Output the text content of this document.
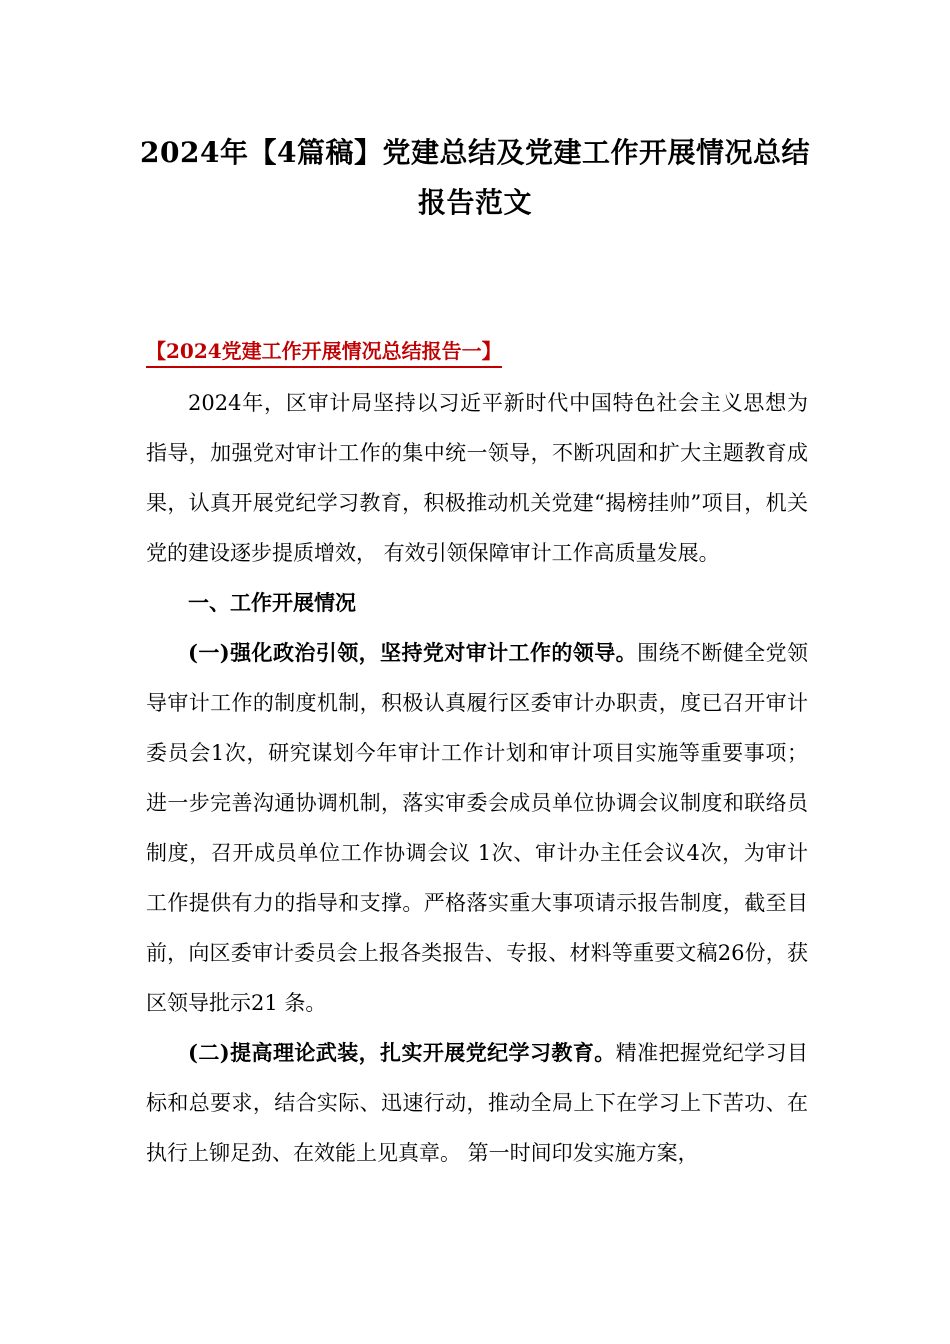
2024年【4篇稿】党建总结及党建工作开展情况总结
报告范文
【2024党建工作开展情况总结报告一】

2024年，区审计局坚持以习近平新时代中国特色社会主义思想为指导，加强党对审计工作的集中统一领导，不断巩固和扩大主题教育成果，认真开展党纪学习教育，积极推动机关党建“揭榜挂帅”项目，机关党的建设逐步提质增效， 有效引领保障审计工作高质量发展。

一、工作开展情况

(一)强化政治引领，坚持党对审计工作的领导。围绕不断健全党领导审计工作的制度机制，积极认真履行区委审计办职责，度已召开审计委员会1次，研究谋划今年审计工作计划和审计项目实施等重要事项；进一步完善沟通协调机制，落实审委会成员单位协调会议制度和联络员制度，召开成员单位工作协调会议 1次、审计办主任会议4次，为审计工作提供有力的指导和支撑。严格落实重大事项请示报告制度，截至目前，向区委审计委员会上报各类报告、专报、材料等重要文稿26份，获区领导批示21 条。

(二)提高理论武装，扎实开展党纪学习教育。精准把握党纪学习目标和总要求，结合实际、迅速行动，推动全局上下在学习上下苦功、在执行上铆足劲、在效能上见真章。 第一时间印发实施方案，
